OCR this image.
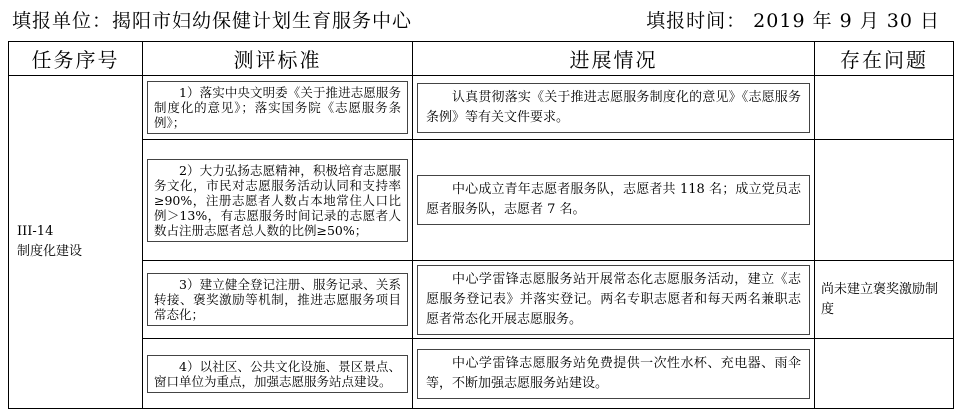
填报单位：揭阳市妇幼保健计划生育服务中心	填报时间： 2019 年 9 月 30 日
任务序号	测评标准	进展情况	存在问题

III-14
制度化建设	1）落实中央文明委《关于推进志愿服务制度化的意见》；落实国务院《志愿服务条例》；	认真贯彻落实《关于推进志愿服务制度化的意见》《志愿服务条例》等有关文件要求。	

	2）大力弘扬志愿精神，积极培育志愿服务文化，市民对志愿服务活动认同和支持率≥90%，注册志愿者人数占本地常住人口比例＞13%，有志愿服务时间记录的志愿者人数占注册志愿者总人数的比例≥50%；	中心成立青年志愿者服务队，志愿者共 118 名；成立党员志愿者服务队，志愿者 7 名。	

	3）建立健全登记注册、服务记录、关系转接、褒奖激励等机制，推进志愿服务项目常态化；	中心学雷锋志愿服务站开展常态化志愿服务活动，建立《志愿服务登记表》并落实登记。两名专职志愿者和每天两名兼职志愿者常态化开展志愿服务。	尚未建立褒奖激励制度

	4）以社区、公共文化设施、景区景点、窗口单位为重点，加强志愿服务站点建设。	中心学雷锋志愿服务站免费提供一次性水杯、充电器、雨伞等，不断加强志愿服务站建设。	
